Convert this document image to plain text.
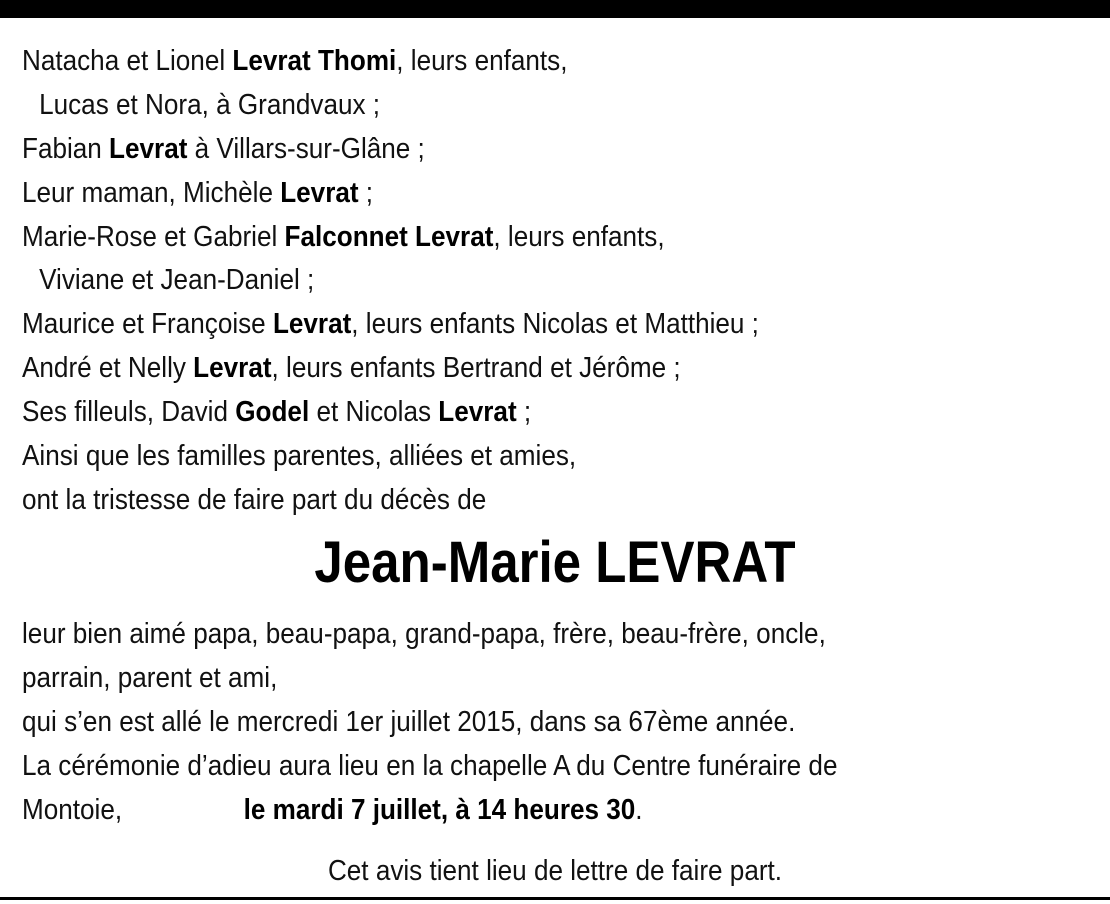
Natacha et Lionel Levrat Thomi, leurs enfants,
Lucas et Nora, à Grandvaux ;
Fabian Levrat à Villars-sur-Glâne ;
Leur maman, Michèle Levrat ;
Marie-Rose et Gabriel Falconnet Levrat, leurs enfants,
Viviane et Jean-Daniel ;
Maurice et Françoise Levrat, leurs enfants Nicolas et Matthieu ;
André et Nelly Levrat, leurs enfants Bertrand et Jérôme ;
Ses filleuls, David Godel et Nicolas Levrat ;
Ainsi que les familles parentes, alliées et amies,
ont la tristesse de faire part du décès de
Jean-Marie LEVRAT
leur bien aimé papa, beau-papa, grand-papa, frère, beau-frère, oncle,
parrain, parent et ami,
qui s’en est allé le mercredi 1er juillet 2015, dans sa 67ème année.
La cérémonie d’adieu aura lieu en la chapelle A du Centre funéraire de
Montoie,	le mardi 7 juillet, à 14 heures 30.
Cet avis tient lieu de lettre de faire part.
